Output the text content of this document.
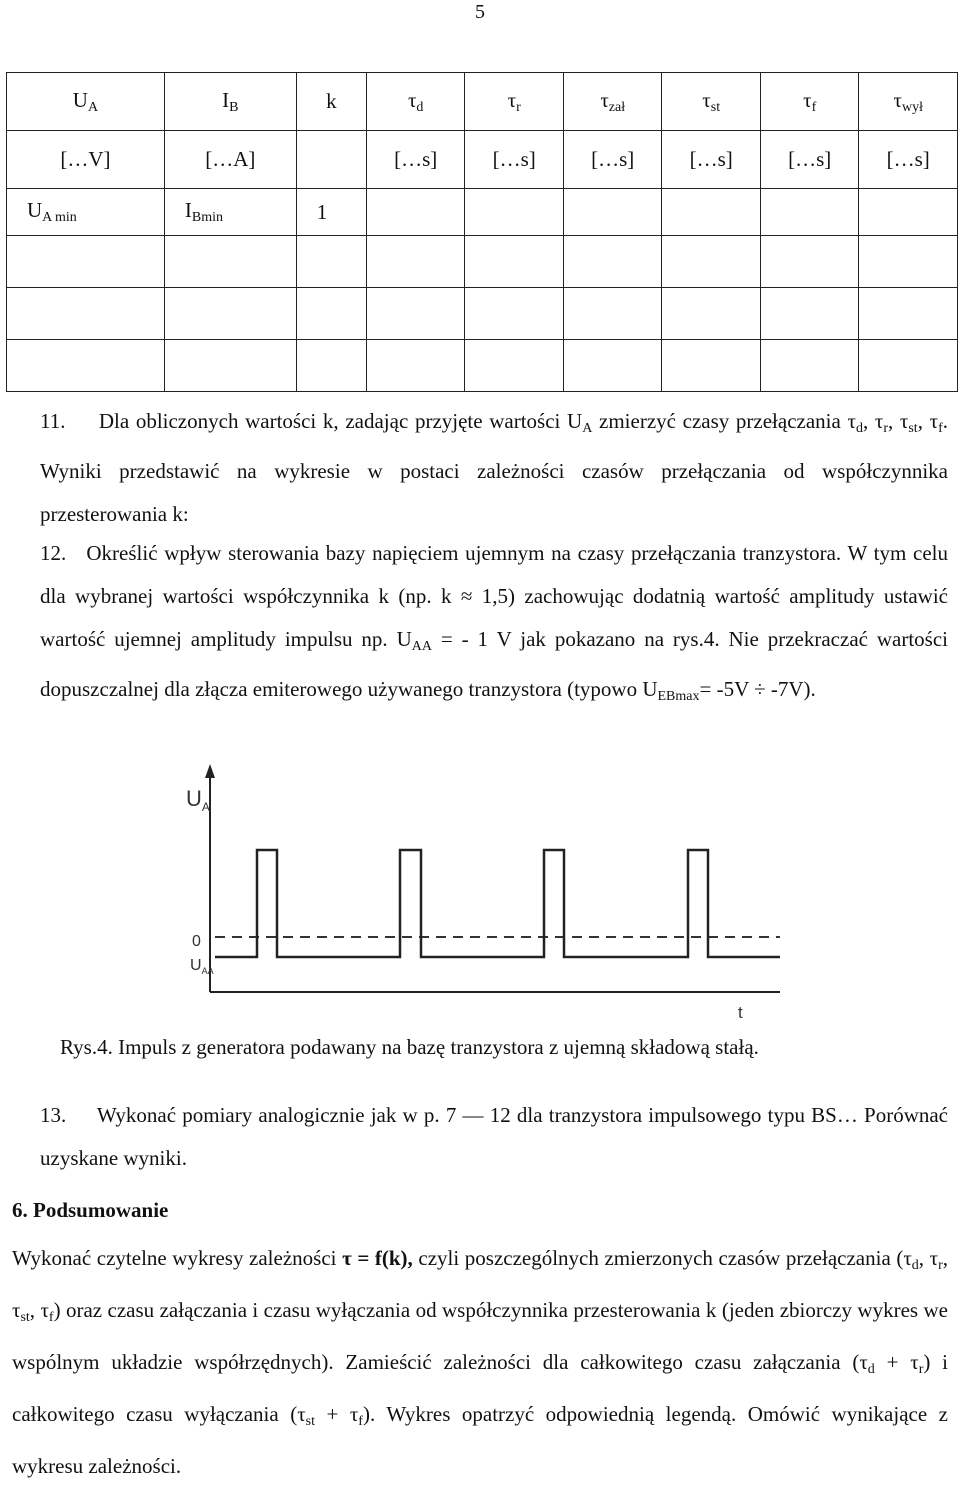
5
$U_A$	$I_B$	k	$\tau_d$	$\tau_r$	$\tau_{zał}$	$\tau_{st}$	$\tau_f$	$\tau_{wył}$
[…V]	[…A]		[…s]	[…s]	[…s]	[…s]	[…s]	[…s]
$U_{A min}$	$I_{Bmin}$	1						

11. Dla obliczonych wartości k, zadając przyjęte wartości $U_A$ zmierzyć czasy przełączania $\tau_d$, $\tau_r$, $\tau_{st}$, $\tau_f$. Wyniki przedstawić na wykresie w postaci zależności czasów przełączania od współczynnika przesterowania k:
12. Określić wpływ sterowania bazy napięciem ujemnym na czasy przełączania tranzystora. W tym celu dla wybranej wartości współczynnika k (np. k ≈ 1,5) zachowując dodatnią wartość amplitudy ustawić wartość ujemnej amplitudy impulsu np. $U_{AA}$ = - 1 V jak pokazano na rys.4. Nie przekraczać wartości dopuszczalnej dla złącza emiterowego używanego tranzystora (typowo $U_{EBmax}= -5V \div -7V$).
$U_A$
0
$U_{AA}$
t
Rys.4. Impuls z generatora podawany na bazę tranzystora z ujemną składową stałą.
13. Wykonać pomiary analogicznie jak w p. 7 — 12 dla tranzystora impulsowego typu BS… Porównać uzyskane wyniki.
6. Podsumowanie
Wykonać czytelne wykresy zależności τ = f(k), czyli poszczególnych zmierzonych czasów przełączania ($\tau_d$, $\tau_r$, $\tau_{st}$, $\tau_f$) oraz czasu załączania i czasu wyłączania od współczynnika przesterowania k (jeden zbiorczy wykres we wspólnym układzie współrzędnych). Zamieścić zależności dla całkowitego czasu załączania $(\tau_d + \tau_r)$ i całkowitego czasu wyłączania $(\tau_{st} + \tau_f)$. Wykres opatrzyć odpowiednią legendą. Omówić wynikające z wykresu zależności.
